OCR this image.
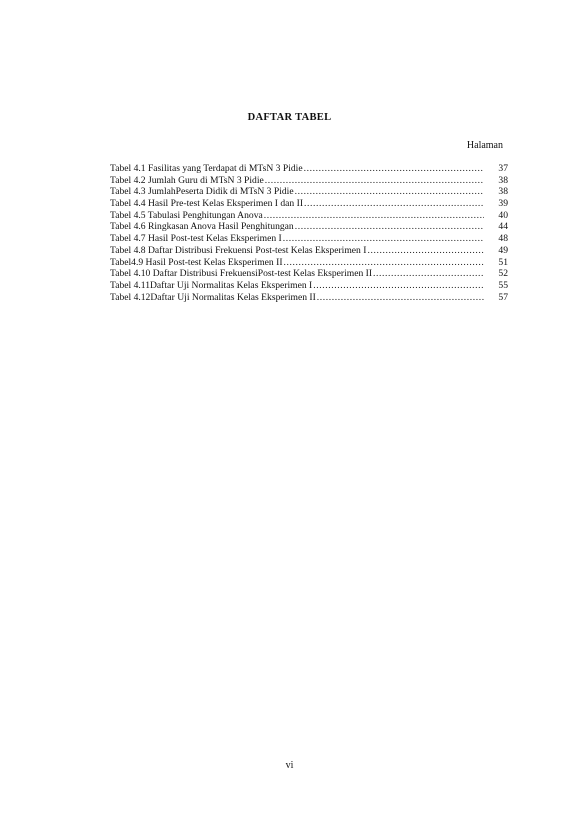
DAFTAR TABEL
Halaman
Tabel 4.1 Fasilitas yang Terdapat di MTsN 3 Pidie .....	37
Tabel 4.2 Jumlah Guru di MTsN 3 Pidie .....	38
Tabel 4.3 JumlahPeserta Didik di MTsN 3 Pidie .....	38
Tabel 4.4 Hasil Pre-test Kelas Eksperimen I dan II .....	39
Tabel 4.5 Tabulasi Penghitungan Anova .....	40
Tabel 4.6 Ringkasan Anova Hasil Penghitungan .....	44
Tabel 4.7 Hasil Post-test Kelas Eksperimen I .....	48
Tabel 4.8 Daftar Distribusi Frekuensi Post-test Kelas Eksperimen I .....	49
Tabel4.9 Hasil Post-test Kelas Eksperimen II .....	51
Tabel 4.10 Daftar Distribusi FrekuensiPost-test Kelas Eksperimen II .....	52
Tabel 4.11Daftar Uji Normalitas Kelas Eksperimen I .....	55
Tabel 4.12Daftar Uji Normalitas Kelas Eksperimen II .....	57
vi
